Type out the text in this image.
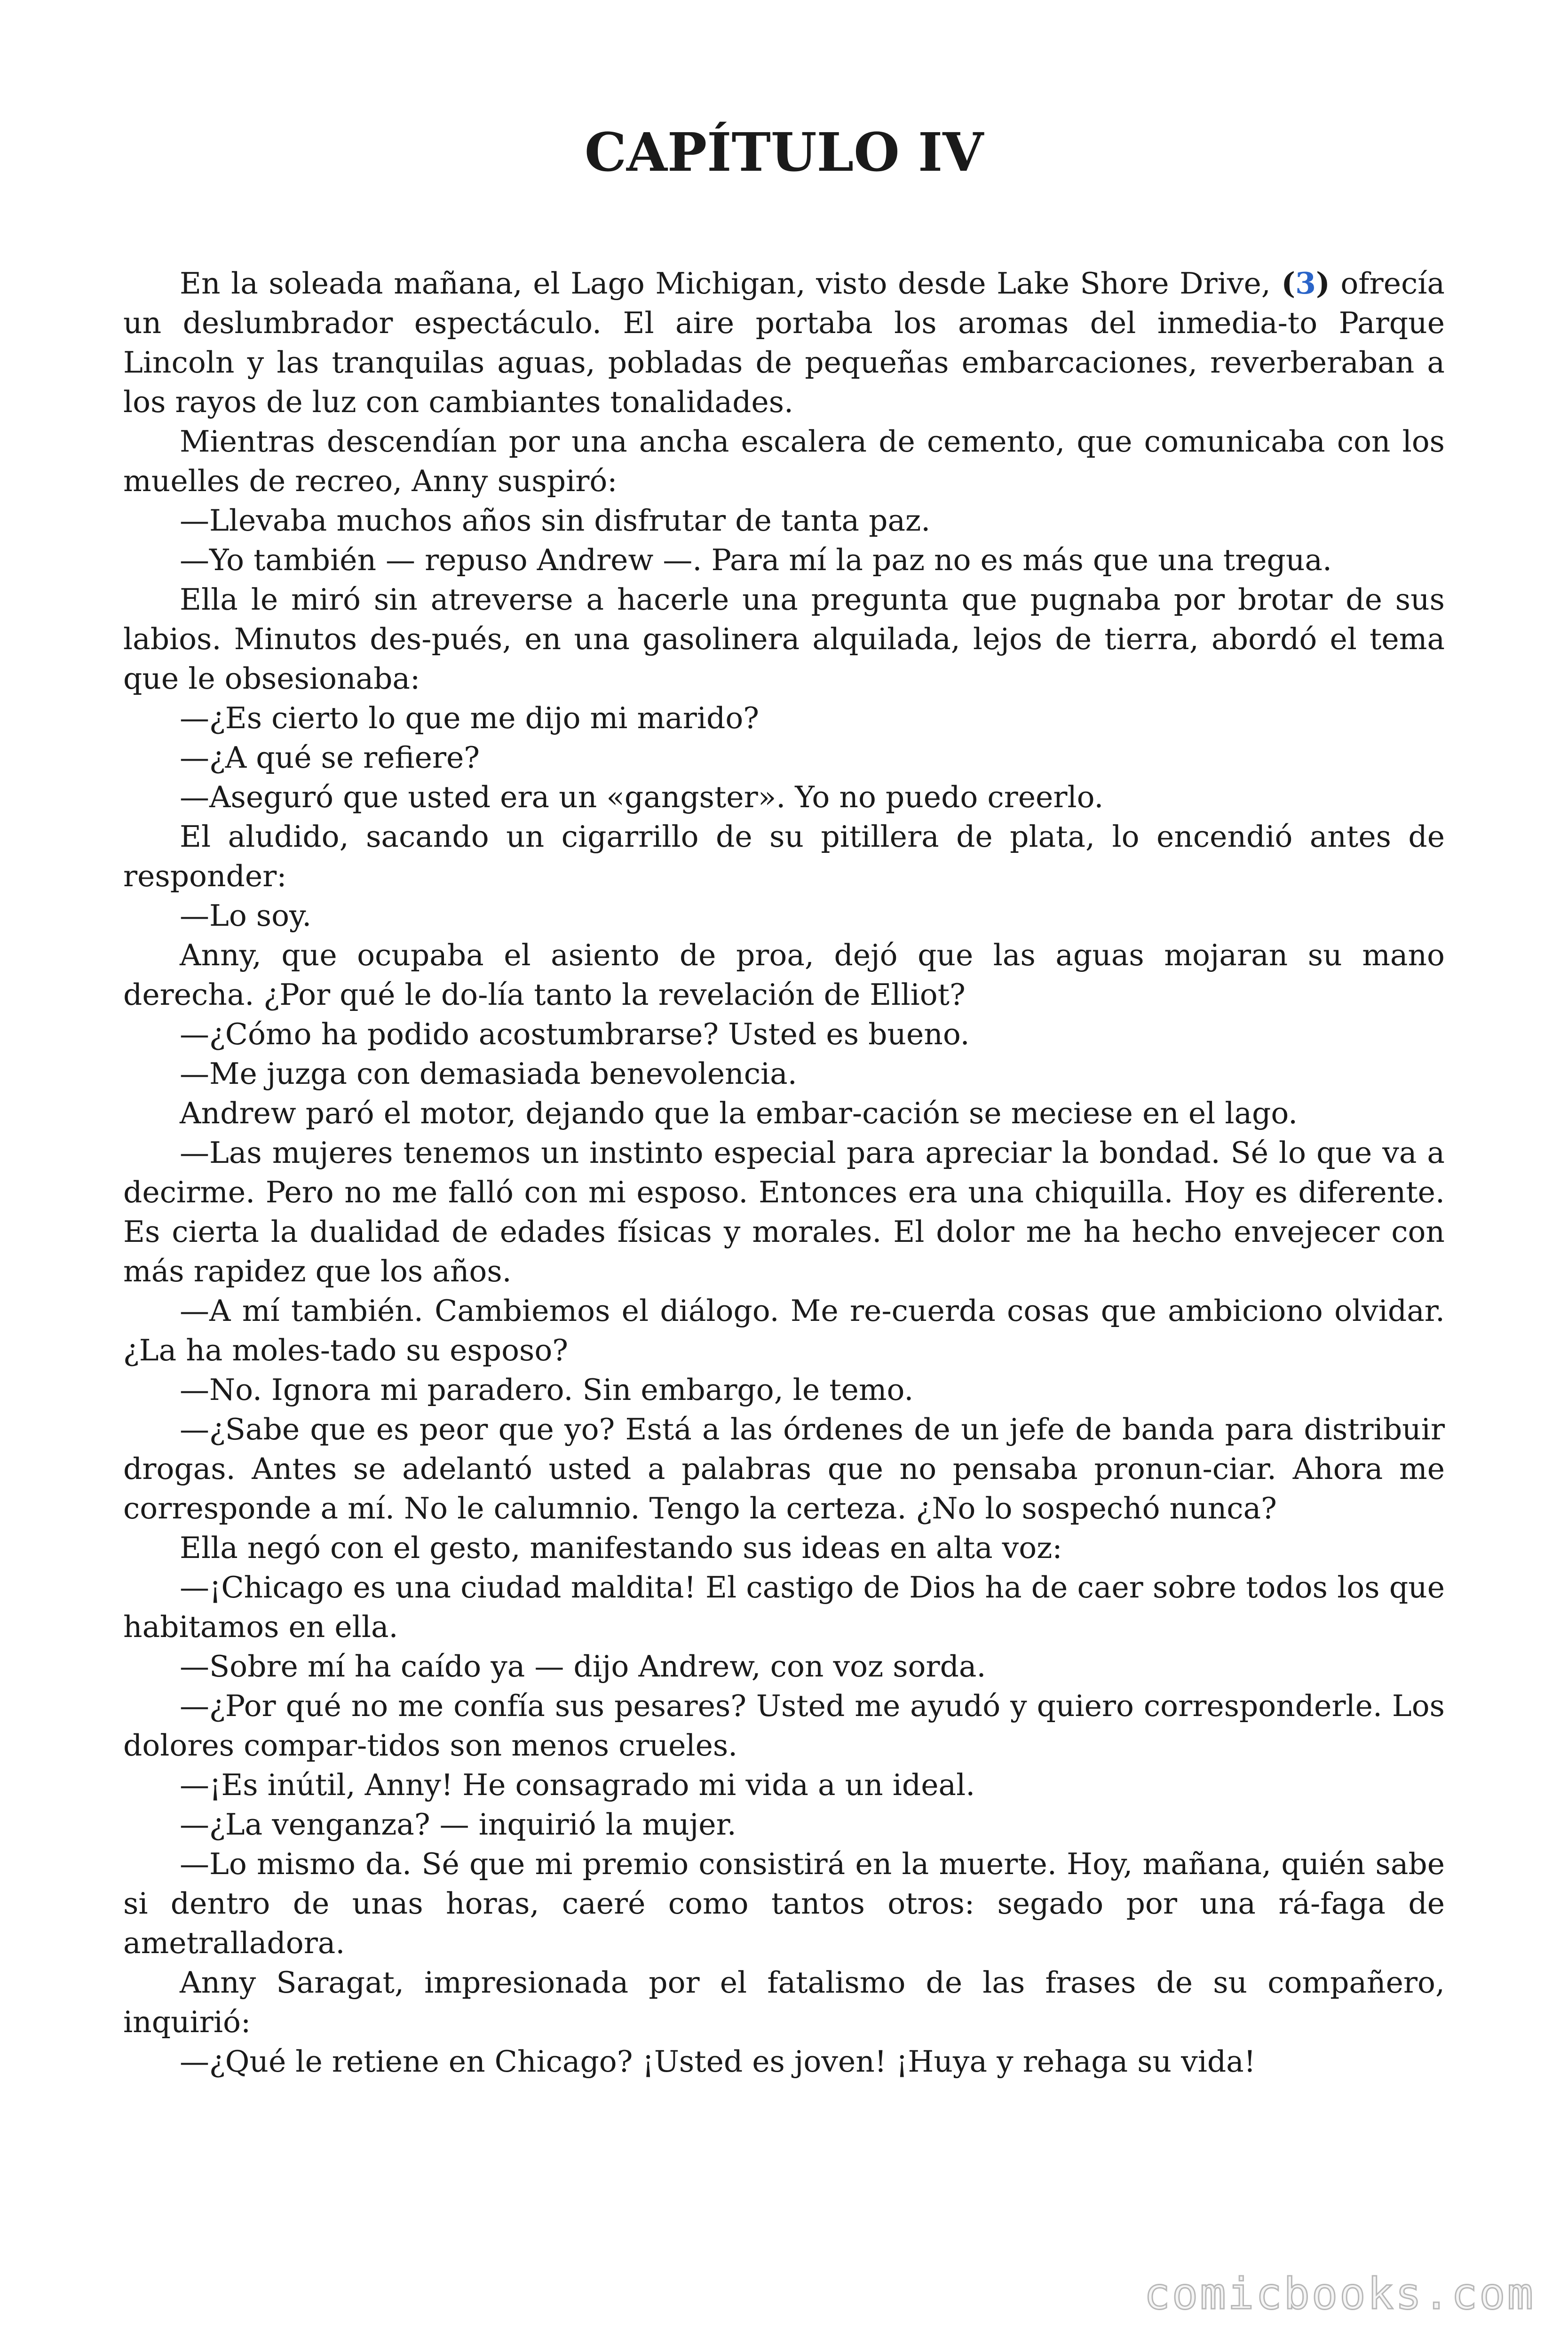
CAPÍTULO IV

En la soleada mañana, el Lago Michigan, visto desde Lake Shore Drive, (3) ofrecía un deslumbrador espectáculo. El aire portaba los aromas del inmedia-to Parque Lincoln y las tranquilas aguas, pobladas de pequeñas embarcaciones, reverberaban a los rayos de luz con cambiantes tonalidades.

Mientras descendían por una ancha escalera de cemento, que comunicaba con los muelles de recreo, Anny suspiró:

—Llevaba muchos años sin disfrutar de tanta paz.

—Yo también — repuso Andrew —. Para mí la paz no es más que una tregua.

Ella le miró sin atreverse a hacerle una pregunta que pugnaba por brotar de sus labios. Minutos des-pués, en una gasolinera alquilada, lejos de tierra, abordó el tema que le obsesionaba:

—¿Es cierto lo que me dijo mi marido?

—¿A qué se refiere?

—Aseguró que usted era un «gangster». Yo no puedo creerlo.

El aludido, sacando un cigarrillo de su pitillera de plata, lo encendió antes de responder:

—Lo soy.

Anny, que ocupaba el asiento de proa, dejó que las aguas mojaran su mano derecha. ¿Por qué le do-lía tanto la revelación de Elliot?

—¿Cómo ha podido acostumbrarse? Usted es bueno.

—Me juzga con demasiada benevolencia.

Andrew paró el motor, dejando que la embar-cación se meciese en el lago.

—Las mujeres tenemos un instinto especial para apreciar la bondad. Sé lo que va a decirme. Pero no me falló con mi esposo. Entonces era una chiquilla. Hoy es diferente. Es cierta la dualidad de edades físicas y morales. El dolor me ha hecho envejecer con más rapidez que los años.

—A mí también. Cambiemos el diálogo. Me re-cuerda cosas que ambiciono olvidar. ¿La ha moles-tado su esposo?

—No. Ignora mi paradero. Sin embargo, le temo.

—¿Sabe que es peor que yo? Está a las órdenes de un jefe de banda para distribuir drogas. Antes se adelantó usted a palabras que no pensaba pronun-ciar. Ahora me corresponde a mí. No le calumnio. Tengo la certeza. ¿No lo sospechó nunca?

Ella negó con el gesto, manifestando sus ideas en alta voz:

—¡Chicago es una ciudad maldita! El castigo de Dios ha de caer sobre todos los que habitamos en ella.

—Sobre mí ha caído ya — dijo Andrew, con voz sorda.

—¿Por qué no me confía sus pesares? Usted me ayudó y quiero corresponderle. Los dolores compar-tidos son menos crueles.

—¡Es inútil, Anny! He consagrado mi vida a un ideal.

—¿La venganza? — inquirió la mujer.

—Lo mismo da. Sé que mi premio consistirá en la muerte. Hoy, mañana, quién sabe si dentro de unas horas, caeré como tantos otros: segado por una rá-faga de ametralladora.

Anny Saragat, impresionada por el fatalismo de las frases de su compañero, inquirió:

—¿Qué le retiene en Chicago? ¡Usted es joven! ¡Huya y rehaga su vida!

comicbooks.com
